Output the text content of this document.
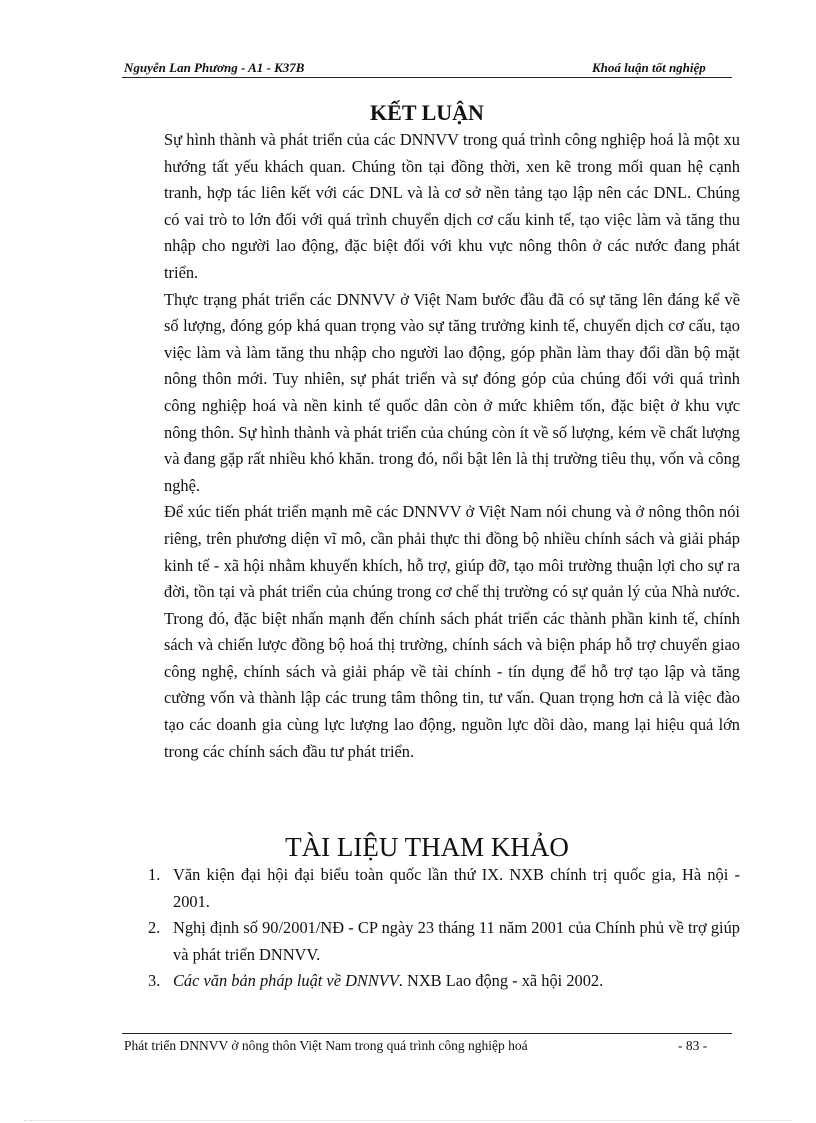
Nguyễn Lan Phương - A1 - K37B	Khoá luận tốt nghiệp
KẾT LUẬN

Sự hình thành và phát triển của các DNNVV trong quá trình công nghiệp hoá là một xu hướng tất yếu khách quan. Chúng tồn tại đồng thời, xen kẽ trong mối quan hệ cạnh tranh, hợp tác liên kết với các DNL và là cơ sở nền tảng tạo lập nên các DNL. Chúng có vai trò to lớn đối với quá trình chuyển dịch cơ cấu kinh tế, tạo việc làm và tăng thu nhập cho người lao động, đặc biệt đối với khu vực nông thôn ở các nước đang phát triển.

Thực trạng phát triển các DNNVV ở Việt Nam bước đầu đã có sự tăng lên đáng kể về số lượng, đóng góp khá quan trọng vào sự tăng trưởng kinh tế, chuyển dịch cơ cấu, tạo việc làm và làm tăng thu nhập cho người lao động, góp phần làm thay đổi dần bộ mặt nông thôn mới. Tuy nhiên, sự phát triển và sự đóng góp của chúng đối với quá trình công nghiệp hoá và nền kinh tế quốc dân còn ở mức khiêm tốn, đặc biệt ở khu vực nông thôn. Sự hình thành và phát triển của chúng còn ít về số lượng, kém về chất lượng và đang gặp rất nhiều khó khăn. trong đó, nổi bật lên là thị trường tiêu thụ, vốn và công nghệ.

Để xúc tiến phát triển mạnh mẽ các DNNVV ở Việt Nam nói chung và ở nông thôn nói riêng, trên phương diện vĩ mô, cần phải thực thi đồng bộ nhiều chính sách và giải pháp kinh tế - xã hội nhằm khuyến khích, hỗ trợ, giúp đỡ, tạo môi trường thuận lợi cho sự ra đời, tồn tại và phát triển của chúng trong cơ chế thị trường có sự quản lý của Nhà nước. Trong đó, đặc biệt nhấn mạnh đến chính sách phát triển các thành phần kinh tế, chính sách và chiến lược đồng bộ hoá thị trường, chính sách và biện pháp hỗ trợ chuyển giao công nghệ, chính sách và giải pháp về tài chính - tín dụng để hỗ trợ tạo lập và tăng cường vốn và thành lập các trung tâm thông tin, tư vấn. Quan trọng hơn cả là việc đào tạo các doanh gia cùng lực lượng lao động, nguồn lực dồi dào, mang lại hiệu quả lớn trong các chính sách đầu tư phát triển.

TÀI LIỆU THAM KHẢO
1. Văn kiện đại hội đại biểu toàn quốc lần thứ IX. NXB chính trị quốc gia, Hà nội - 2001.
2. Nghị định số 90/2001/NĐ - CP ngày 23 tháng 11 năm 2001 của Chính phủ về trợ giúp và phát triển DNNVV.
3. Các văn bản pháp luật về DNNVV. NXB Lao động - xã hội 2002.
Phát triển DNNVV ở nông thôn Việt Nam trong quá trình công nghiệp hoá	- 83 -
